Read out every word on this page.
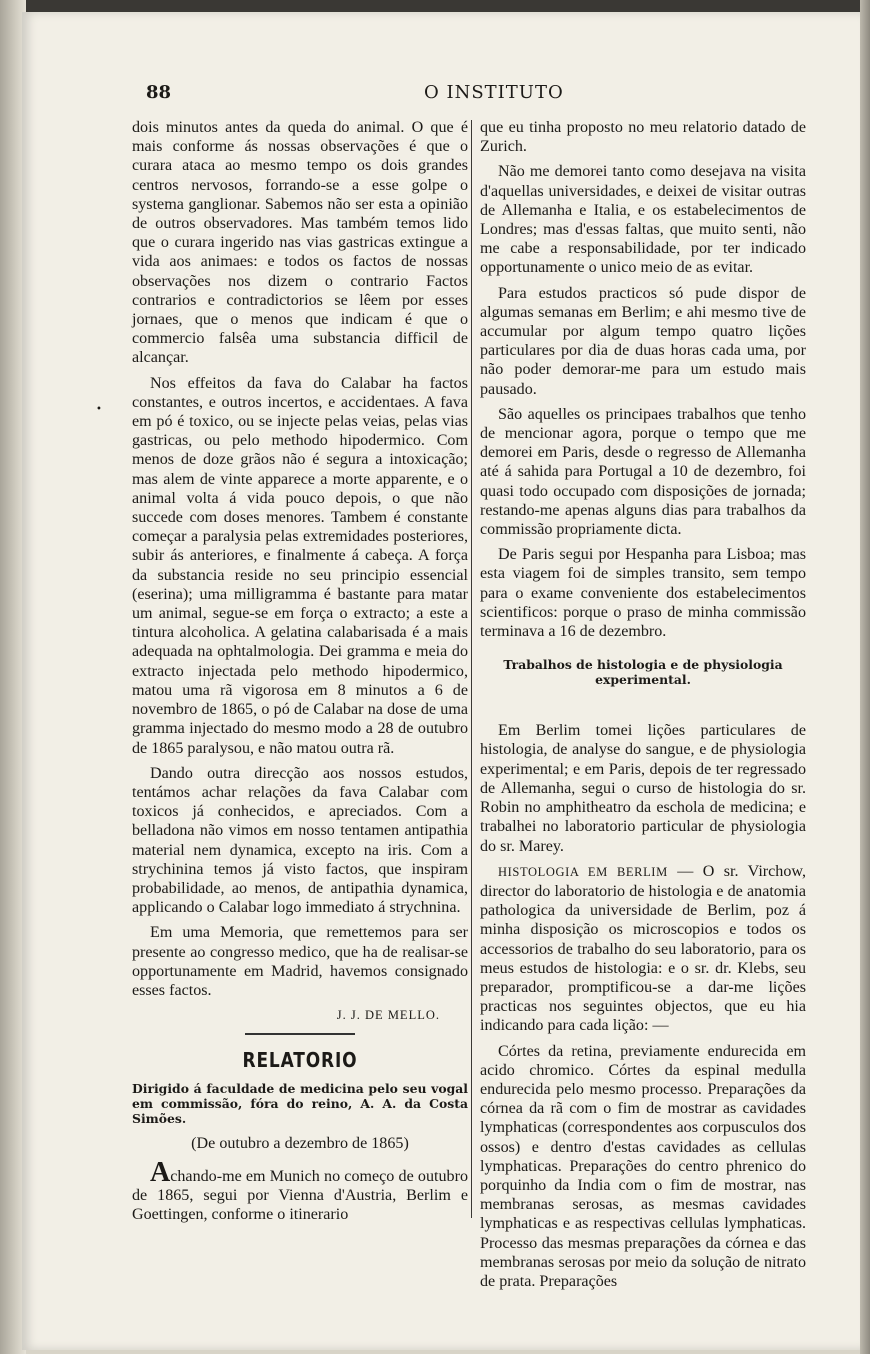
88	O INSTITUTO
•

dois minutos antes da queda do animal. O que é mais conforme ás nossas observações é que o curara ataca ao mesmo tempo os dois grandes centros nervosos, forrando-se a esse golpe o systema ganglionar. Sabemos não ser esta a opinião de outros observadores. Mas também temos lido que o curara ingerido nas vias gastricas extingue a vida aos animaes: e todos os factos de nossas observações nos dizem o contrario Factos contrarios e contradictorios se lêem por esses jornaes, que o menos que indicam é que o commercio falsêa uma substancia difficil de alcançar.

Nos effeitos da fava do Calabar ha factos constantes, e outros incertos, e accidentaes. A fava em pó é toxico, ou se injecte pelas veias, pelas vias gastricas, ou pelo methodo hipodermico. Com menos de doze grãos não é segura a intoxicação; mas alem de vinte apparece a morte apparente, e o animal volta á vida pouco depois, o que não succede com doses menores. Tambem é constante começar a paralysia pelas extremidades posteriores, subir ás anteriores, e finalmente á cabeça. A força da substancia reside no seu principio essencial (eserina); uma milligramma é bastante para matar um animal, segue-se em força o extracto; a este a tintura alcoholica. A gelatina calabarisada é a mais adequada na ophtalmologia. Dei gramma e meia do extracto injectada pelo methodo hipodermico, matou uma rã vigorosa em 8 minutos a 6 de novembro de 1865, o pó de Calabar na dose de uma gramma injectado do mesmo modo a 28 de outubro de 1865 paralysou, e não matou outra rã.

Dando outra direcção aos nossos estudos, tentámos achar relações da fava Calabar com toxicos já conhecidos, e apreciados. Com a belladona não vimos em nosso tentamen antipathia material nem dynamica, excepto na iris. Com a strychinina temos já visto factos, que inspiram probabilidade, ao menos, de antipathia dynamica, applicando o Calabar logo immediato á strychnina.

Em uma Memoria, que remettemos para ser presente ao congresso medico, que ha de realisar-se opportunamente em Madrid, havemos consignado esses factos.

J. J. DE MELLO.
RELATORIO
Dirigido á faculdade de medicina pelo seu vogal em commissão, fóra do reino, A. A. da Costa Simões.
(De outubro a dezembro de 1865)

Achando-me em Munich no começo de outubro de 1865, segui por Vienna d'Austria, Berlim e Goettingen, conforme o itinerario

que eu tinha proposto no meu relatorio datado de Zurich.

Não me demorei tanto como desejava na visita d'aquellas universidades, e deixei de visitar outras de Allemanha e Italia, e os estabelecimentos de Londres; mas d'essas faltas, que muito senti, não me cabe a responsabilidade, por ter indicado opportunamente o unico meio de as evitar.

Para estudos practicos só pude dispor de algumas semanas em Berlim; e ahi mesmo tive de accumular por algum tempo quatro lições particulares por dia de duas horas cada uma, por não poder demorar-me para um estudo mais pausado.

São aquelles os principaes trabalhos que tenho de mencionar agora, porque o tempo que me demorei em Paris, desde o regresso de Allemanha até á sahida para Portugal a 10 de dezembro, foi quasi todo occupado com disposições de jornada; restando-me apenas alguns dias para trabalhos da commissão propriamente dicta.

De Paris segui por Hespanha para Lisboa; mas esta viagem foi de simples transito, sem tempo para o exame conveniente dos estabelecimentos scientificos: porque o praso de minha commissão terminava a 16 de dezembro.

Trabalhos de histologia e de physiologia experimental.

Em Berlim tomei lições particulares de histologia, de analyse do sangue, e de physiologia experimental; e em Paris, depois de ter regressado de Allemanha, segui o curso de histologia do sr. Robin no amphitheatro da eschola de medicina; e trabalhei no laboratorio particular de physiologia do sr. Marey.

HISTOLOGIA EM BERLIM — O sr. Virchow, director do laboratorio de histologia e de anatomia pathologica da universidade de Berlim, poz á minha disposição os microscopios e todos os accessorios de trabalho do seu laboratorio, para os meus estudos de histologia: e o sr. dr. Klebs, seu preparador, promptificou-se a dar-me lições practicas nos seguintes objectos, que eu hia indicando para cada lição: —

Córtes da retina, previamente endurecida em acido chromico. Córtes da espinal medulla endurecida pelo mesmo processo. Preparações da córnea da rã com o fim de mostrar as cavidades lymphaticas (correspondentes aos corpusculos dos ossos) e dentro d'estas cavidades as cellulas lymphaticas. Preparações do centro phrenico do porquinho da India com o fim de mostrar, nas membranas serosas, as mesmas cavidades lymphaticas e as respectivas cellulas lymphaticas. Processo das mesmas preparações da córnea e das membranas serosas por meio da solução de nitrato de prata. Preparações
